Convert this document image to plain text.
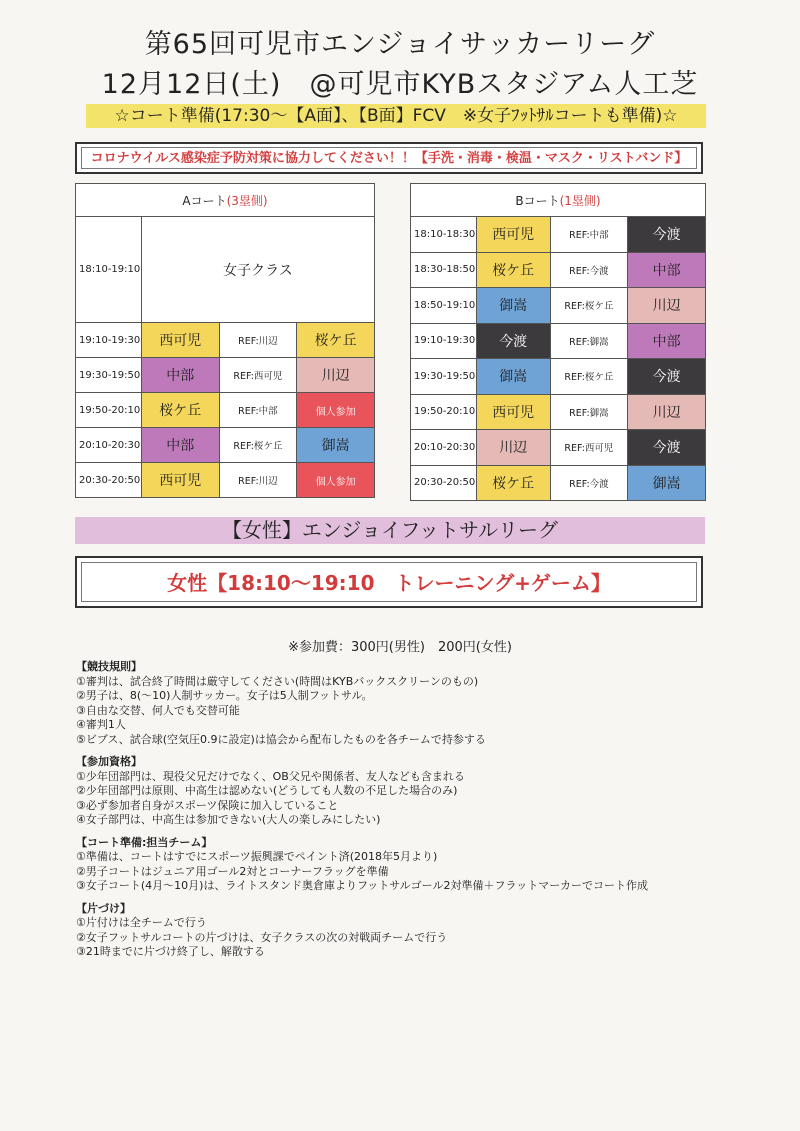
第65回可児市エンジョイサッカーリーグ
12月12日(土)　@可児市KYBスタジアム人工芝
☆コート準備(17:30〜【A面】、【B面】FCV　※女子ﾌｯﾄｻﾙコートも準備)☆
コロナウイルス感染症予防対策に協力してください！！【手洗・消毒・検温・マスク・リストバンド】
Aコート(3塁側)			
18:10-19:10	女子クラス		
19:10-19:30	西可児	REF:川辺	桜ケ丘
19:30-19:50	中部	REF:西可児	川辺
19:50-20:10	桜ケ丘	REF:中部	個人参加
20:10-20:30	中部	REF:桜ケ丘	御嵩
20:30-20:50	西可児	REF:川辺	個人参加
Bコート(1塁側)			
18:10-18:30	西可児	REF:中部	今渡
18:30-18:50	桜ケ丘	REF:今渡	中部
18:50-19:10	御嵩	REF:桜ケ丘	川辺
19:10-19:30	今渡	REF:御嵩	中部
19:30-19:50	御嵩	REF:桜ケ丘	今渡
19:50-20:10	西可児	REF:御嵩	川辺
20:10-20:30	川辺	REF:西可児	今渡
20:30-20:50	桜ケ丘	REF:今渡	御嵩
【女性】エンジョイフットサルリーグ
女性【18:10〜19:10　トレーニング+ゲーム】
※参加費：300円(男性)　200円(女性)
【競技規則】
①審判は、試合終了時間は厳守してください(時間はKYBバックスクリーンのもの)
②男子は、8(〜10)人制サッカー。女子は5人制フットサル。
③自由な交替、何人でも交替可能
④審判1人
⑤ビブス、試合球(空気圧0.9に設定)は協会から配布したものを各チームで持参する
【参加資格】
①少年団部門は、現役父兄だけでなく、OB父兄や関係者、友人なども含まれる
②少年団部門は原則、中高生は認めない(どうしても人数の不足した場合のみ)
③必ず参加者自身がスポーツ保険に加入していること
④女子部門は、中高生は参加できない(大人の楽しみにしたい)
【コート準備:担当チーム】
①準備は、コートはすでにスポーツ振興課でペイント済(2018年5月より)
②男子コートはジュニア用ゴール2対とコーナーフラッグを準備
③女子コート(4月〜10月)は、ライトスタンド奥倉庫よりフットサルゴール2対準備＋フラットマーカーでコート作成
【片づけ】
①片付けは全チームで行う
②女子フットサルコートの片づけは、女子クラスの次の対戦両チームで行う
③21時までに片づけ終了し、解散する
